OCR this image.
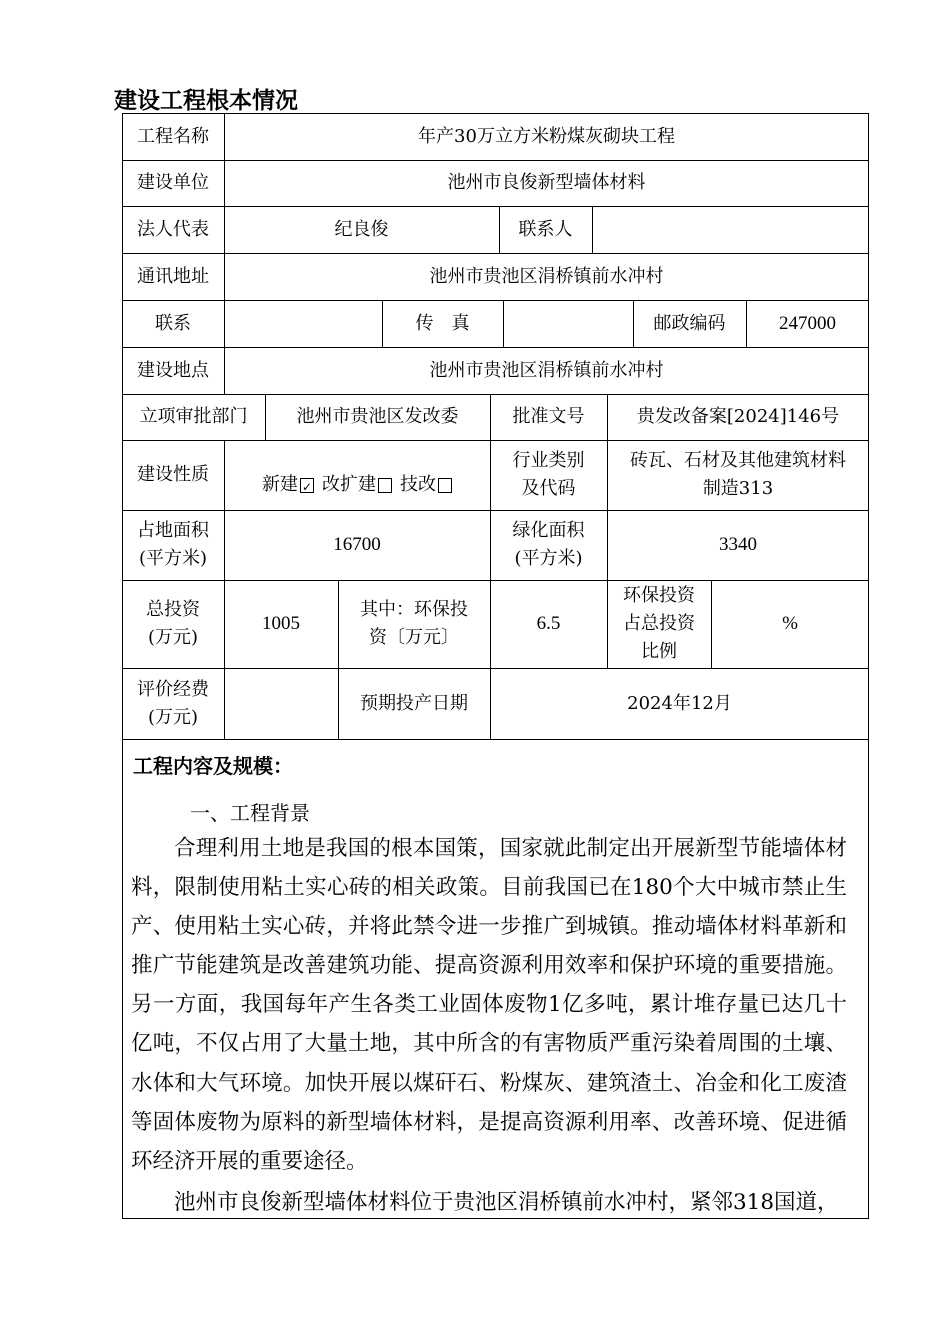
建设工程根本情况
工程名称	年产30万立方米粉煤灰砌块工程
建设单位	池州市良俊新型墙体材料
法人代表	纪良俊	联系人
通讯地址	池州市贵池区涓桥镇前水冲村
联系	传　真	邮政编码	247000
建设地点	池州市贵池区涓桥镇前水冲村
立项审批部门	池州市贵池区发改委	批准文号	贵发改备案[2024]146号
建设性质	新建
✓ 改扩建 技改
行业类别
及代码
砖瓦、石材及其他建筑材料
制造313
占地面积
(平方米)
16700
绿化面积
(平方米)
3340
总投资
(万元)
1005
其中：环保投
资〔万元〕
6.5
环保投资
占总投资
比例
%
评价经费
(万元)
预期投产日期	2024年12月
工程内容及规模：
一、工程背景
合理利用土地是我国的根本国策，国家就此制定出开展新型节能墙体材料，限制使用粘土实心砖的相关政策。目前我国已在180个大中城市禁止生产、使用粘土实心砖，并将此禁令进一步推广到城镇。推动墙体材料革新和推广节能建筑是改善建筑功能、提高资源利用效率和保护环境的重要措施。另一方面，我国每年产生各类工业固体废物1亿多吨，累计堆存量已达几十亿吨，不仅占用了大量土地，其中所含的有害物质严重污染着周围的土壤、水体和大气环境。加快开展以煤矸石、粉煤灰、建筑渣土、冶金和化工废渣等固体废物为原料的新型墙体材料，是提高资源利用率、改善环境、促进循环经济开展的重要途径。
池州市良俊新型墙体材料位于贵池区涓桥镇前水冲村，紧邻318国道，
